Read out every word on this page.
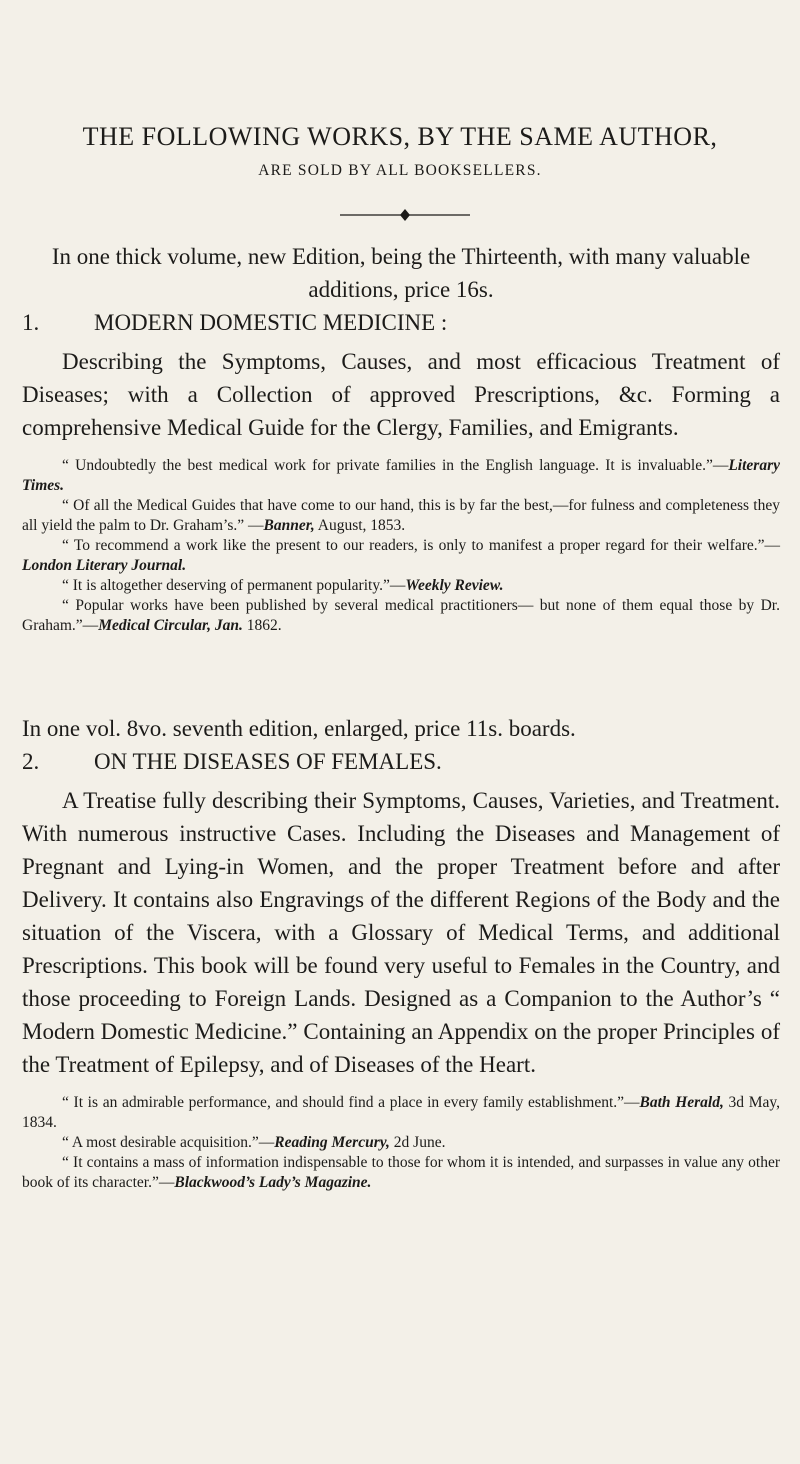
THE FOLLOWING WORKS, BY THE SAME AUTHOR,
ARE SOLD BY ALL BOOKSELLERS.

In one thick volume, new Edition, being the Thirteenth, with many valuable additions, price 16s.

1. MODERN DOMESTIC MEDICINE :

Describing the Symptoms, Causes, and most efficacious Treatment of Diseases; with a Collection of approved Prescriptions, &c. Forming a comprehensive Medical Guide for the Clergy, Families, and Emigrants.

“ Undoubtedly the best medical work for private families in the English language. It is invaluable.”—Literary Times.

“ Of all the Medical Guides that have come to our hand, this is by far the best,—for fulness and completeness they all yield the palm to Dr. Graham’s.” —Banner, August, 1853.

“ To recommend a work like the present to our readers, is only to manifest a proper regard for their welfare.”—London Literary Journal.

“ It is altogether deserving of permanent popularity.”—Weekly Review.

“ Popular works have been published by several medical practitioners— but none of them equal those by Dr. Graham.”—Medical Circular, Jan. 1862.

In one vol. 8vo. seventh edition, enlarged, price 11s. boards.

2. ON THE DISEASES OF FEMALES.

A Treatise fully describing their Symptoms, Causes, Varieties, and Treatment. With numerous instructive Cases. Including the Diseases and Management of Pregnant and Lying-in Women, and the proper Treatment before and after Delivery. It contains also Engravings of the different Regions of the Body and the situation of the Viscera, with a Glossary of Medical Terms, and additional Prescriptions. This book will be found very useful to Females in the Country, and those proceeding to Foreign Lands. Designed as a Companion to the Author’s “ Modern Domestic Medicine.” Containing an Appendix on the proper Principles of the Treatment of Epilepsy, and of Diseases of the Heart.

“ It is an admirable performance, and should find a place in every family establishment.”—Bath Herald, 3d May, 1834.

“ A most desirable acquisition.”—Reading Mercury, 2d June.

“ It contains a mass of information indispensable to those for whom it is intended, and surpasses in value any other book of its character.”—Blackwood’s Lady’s Magazine.
